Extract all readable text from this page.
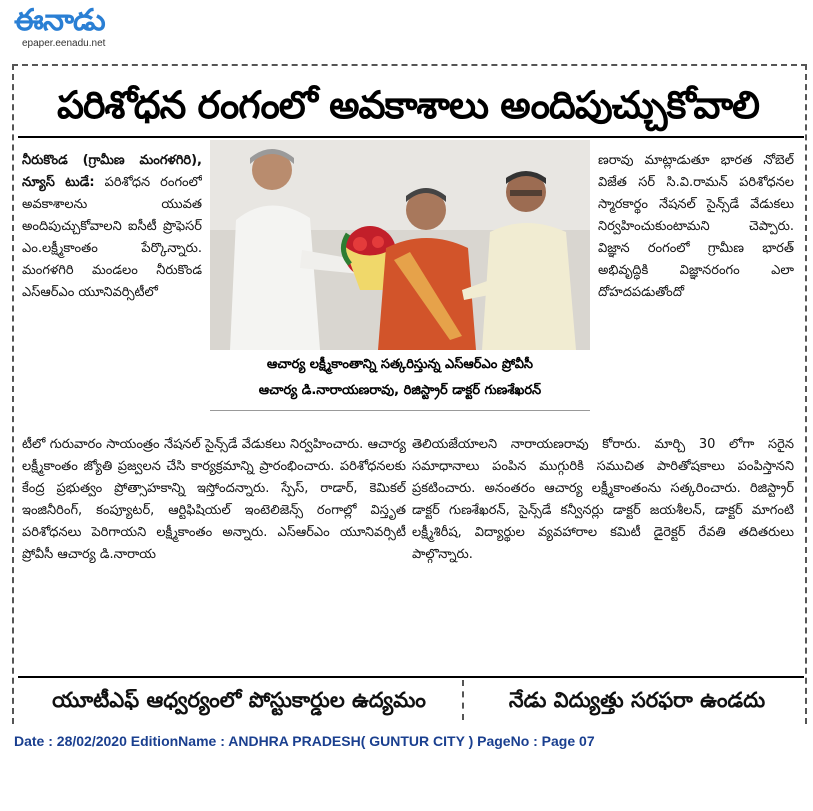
ఈనాడు
epaper.eenadu.net
పరిశోధన రంగంలో అవకాశాలు అందిపుచ్చుకోవాలి

నీరుకొండ (గ్రామీణ మంగళగిరి), న్యూస్ టుడే: పరిశోధన రంగంలో అవకాశాలను యువత అందిపుచ్చుకోవాలని ఐసీటీ ప్రొఫెసర్ ఎం.లక్ష్మీకాంతం పేర్కొన్నారు. మంగళగిరి మండలం నీరుకొండ ఎస్ఆర్ఎం యూనివర్సిటీలో

ఆచార్య లక్ష్మీకాంతాన్ని సత్కరిస్తున్న ఎస్ఆర్ఎం ప్రోవీసీ
ఆచార్య డి.నారాయణరావు, రిజిస్ట్రార్ డాక్టర్ గుణశేఖరన్

ణరావు మాట్లాడుతూ భారత నోబెల్ విజేత సర్ సి.వి.రామన్ పరిశోధనల స్మారకార్థం నేషనల్ సైన్స్‌డే వేడుకలు నిర్వహించుకుంటామని చెప్పారు. విజ్ఞాన రంగంలో గ్రామీణ భారత్ అభివృద్ధికి విజ్ఞానరంగం ఎలా దోహదపడుతోందో

టీలో గురువారం సాయంత్రం నేషనల్ సైన్స్‌డే వేడుకలు నిర్వహించారు. ఆచార్య లక్ష్మీకాంతం జ్యోతి ప్రజ్వలన చేసి కార్యక్రమాన్ని ప్రారంభించారు. పరిశోధనలకు కేంద్ర ప్రభుత్వం ప్రోత్సాహకాన్ని ఇస్తోందన్నారు. స్పేస్, రాడార్, కెమికల్ ఇంజినీరింగ్, కంప్యూటర్, ఆర్టిఫిషియల్ ఇంటెలిజెన్స్ రంగాల్లో విస్తృత పరిశోధనలు పెరిగాయని లక్ష్మీకాంతం అన్నారు. ఎస్ఆర్ఎం యూనివర్సిటీ ప్రోవీసీ ఆచార్య డి.నారాయ

తెలియజేయాలని నారాయణరావు కోరారు. మార్చి 30 లోగా సరైన సమాధానాలు పంపిన ముగ్గురికి సముచిత పారితోషకాలు పంపిస్తానని ప్రకటించారు. అనంతరం ఆచార్య లక్ష్మీకాంతంను సత్కరించారు. రిజిస్ట్రార్ డాక్టర్ గుణశేఖరన్, సైన్స్‌డే కన్వీనర్లు డాక్టర్ జయశీలన్, డాక్టర్ మాగంటి లక్ష్మీశిరీష, విద్యార్థుల వ్యవహారాల కమిటీ డైరెక్టర్ రేవతి తదితరులు పాల్గొన్నారు.

యూటీఎఫ్ ఆధ్వర్యంలో పోస్టుకార్డుల ఉద్యమం	నేడు విద్యుత్తు సరఫరా ఉండదు
Date : 28/02/2020 EditionName : ANDHRA PRADESH( GUNTUR CITY ) PageNo : Page 07
